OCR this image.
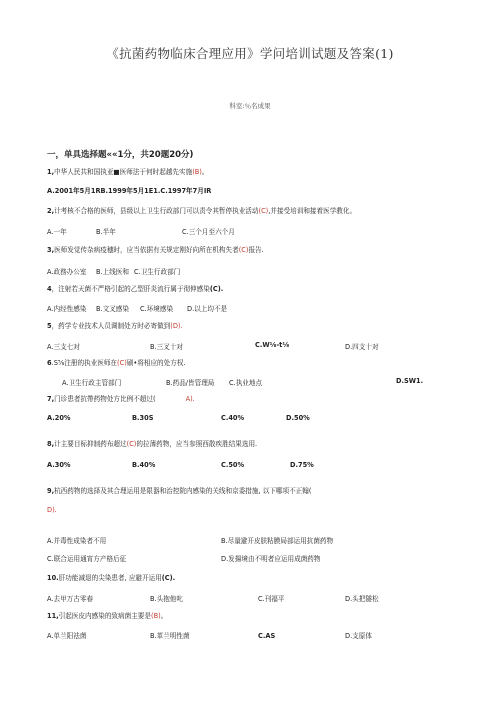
《抗菌药物临床合理应用》学问培训试题及答案(1)
科室:％名成果
一，单具选择题««1分，共20题20分)
1,中华人民共和国执亚■医师法于何时起越先实施(B)。
A.2001年5月1RB.1999年5月1E1.C.1997年7月IR
2,计考核不合格的医师，县级以上卫生行政部门可以责令其暂停执业活动(C),并接受培训和接着医学教化。
A.一年	B.半年	C.三个月至六个月
3,医师发觉传杂病疫穗时，应当依据有关规定刚好向所在机构失者(C)报告.
A.政務办公室 B.上线医和 C.卫生行政部门
4，注射若天菌不严格引起的乙型肝炎流行属于彻伸感染(C).
A.内经性感染 B.文叉感染 C.环境感染 D.以上均不是
5，药学专业技术人员调制处方时必寄做到(D).
A.三支七对	B.三叉十对	C.W⅛-t⅛	D.四支十对
6.S⅝注册的执业医师在(C)刷•将相应的处方权.
A.卫生行政主管部门	B.药品/皆管理局 C.执业地点	D.SW1.
7,门诊患者抗帶药物处方比例不超过(	A).
A.20%	B.30S	C.40%	D.50%
8,计主要目标抑制药布超过(C)的拉薄药物，应当参照西散疾胜结果选用.
A.30%	B.40%	C.50%	D.75%
9,杭西药物的选择及其合理运用是限器和治控院内感染的关线和京委措施, 以下哪项不正翰(
D).
A.并毒性成染者不用	B.尽量避开皮肤粘膜局部运用抗菌药物
C.联合运用通宵方产格后征	D.发揚境由不明者应运用成菌药物
10.肝功能减退的尖染患者, 应避开运用(C).
A.去甲万古零春	B.头抱他叱	C.刊福平	D.头把隧松
11,引起医皮内感染的致病菌主要是(B)。
A.单兰阳祛菌	B.革兰明性菌	C.AS	D.支原体
